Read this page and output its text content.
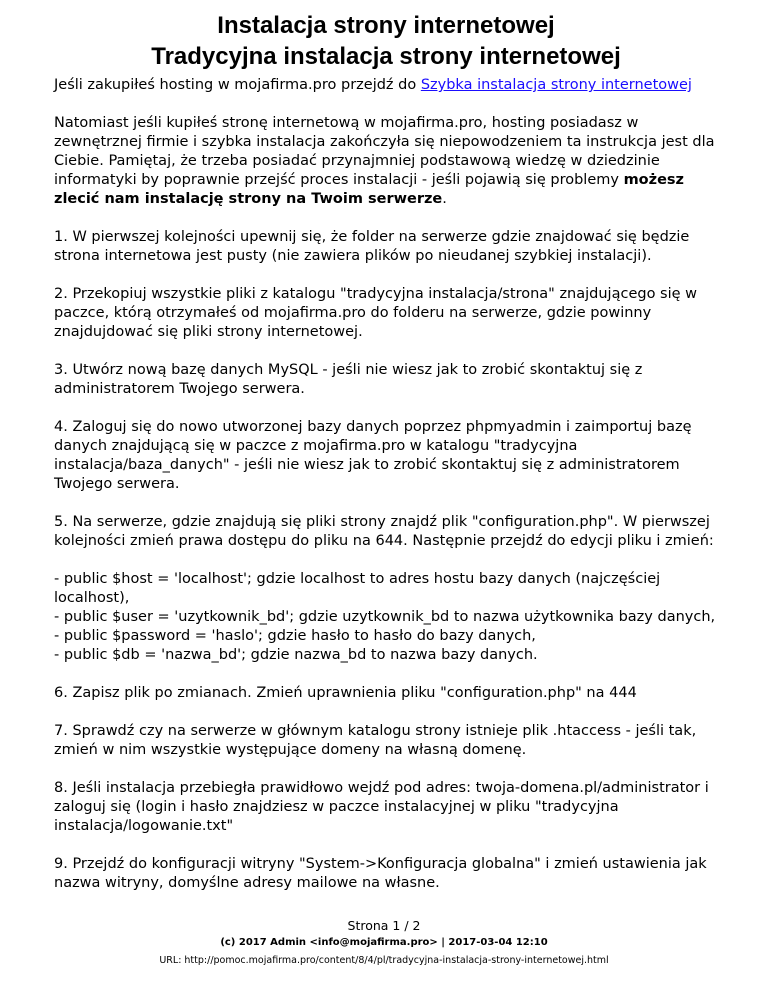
Instalacja strony internetowej
Tradycyjna instalacja strony internetowej
Jeśli zakupiłeś hosting w mojafirma.pro przejdź do Szybka instalacja strony internetowej

Natomiast jeśli kupiłeś stronę internetową w mojafirma.pro, hosting posiadasz w zewnętrznej firmie i szybka instalacja zakończyła się niepowodzeniem ta instrukcja jest dla Ciebie. Pamiętaj, że trzeba posiadać przynajmniej podstawową wiedzę w dziedzinie informatyki by poprawnie przejść proces instalacji - jeśli pojawią się problemy możesz zlecić nam instalację strony na Twoim serwerze.

1. W pierwszej kolejności upewnij się, że folder na serwerze gdzie znajdować się będzie strona internetowa jest pusty (nie zawiera plików po nieudanej szybkiej instalacji).

2. Przekopiuj wszystkie pliki z katalogu "tradycyjna instalacja/strona" znajdującego się w paczce, którą otrzymałeś od mojafirma.pro do folderu na serwerze, gdzie powinny znajdujdować się pliki strony internetowej.

3. Utwórz nową bazę danych MySQL - jeśli nie wiesz jak to zrobić skontaktuj się z administratorem Twojego serwera.

4. Zaloguj się do nowo utworzonej bazy danych poprzez phpmyadmin i zaimportuj bazę danych znajdującą się w paczce z mojafirma.pro w katalogu "tradycyjna instalacja/baza_danych" - jeśli nie wiesz jak to zrobić skontaktuj się z administratorem Twojego serwera.

5. Na serwerze, gdzie znajdują się pliki strony znajdź plik "configuration.php". W pierwszej kolejności zmień prawa dostępu do pliku na 644. Następnie przejdź do edycji pliku i zmień:

- public $host = 'localhost'; gdzie localhost to adres hostu bazy danych (najczęściej localhost),
- public $user = 'uzytkownik_bd'; gdzie uzytkownik_bd to nazwa użytkownika bazy danych,
- public $password = 'haslo'; gdzie hasło to hasło do bazy danych,
- public $db = 'nazwa_bd'; gdzie nazwa_bd to nazwa bazy danych.

6. Zapisz plik po zmianach. Zmień uprawnienia pliku "configuration.php" na 444

7. Sprawdź czy na serwerze w głównym katalogu strony istnieje plik .htaccess - jeśli tak, zmień w nim wszystkie występujące domeny na własną domenę.

8. Jeśli instalacja przebiegła prawidłowo wejdź pod adres: twoja-domena.pl/administrator i zaloguj się (login i hasło znajdziesz w paczce instalacyjnej w pliku "tradycyjna instalacja/logowanie.txt"

9. Przejdź do konfiguracji witryny "System->Konfiguracja globalna" i zmień ustawienia jak nazwa witryny, domyślne adresy mailowe na własne.

Strona 1 / 2
(c) 2017 Admin <info@mojafirma.pro> | 2017-03-04 12:10
URL: http://pomoc.mojafirma.pro/content/8/4/pl/tradycyjna-instalacja-strony-internetowej.html
